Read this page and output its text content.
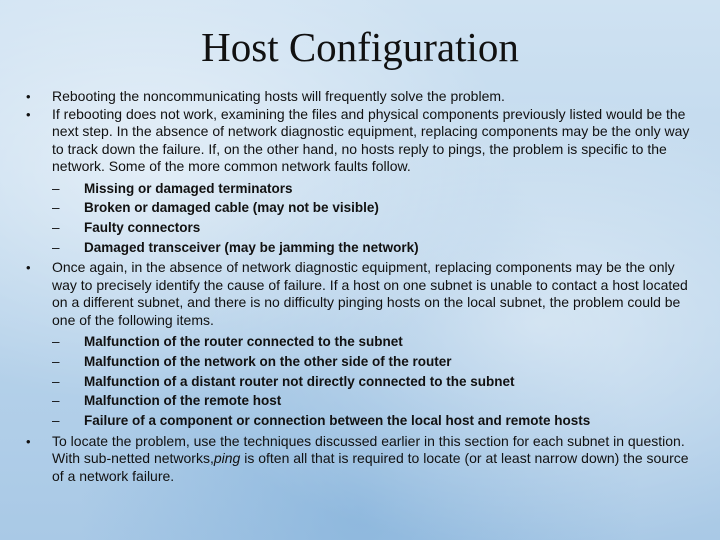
Host Configuration
• Rebooting the noncommunicating hosts will frequently solve the problem.
• If rebooting does not work, examining the files and physical components previously listed would be the next step. In the absence of network diagnostic equipment, replacing components may be the only way to track down the failure. If, on the other hand, no hosts reply to pings, the problem is specific to the network. Some of the more common network faults follow.
– Missing or damaged terminators
– Broken or damaged cable (may not be visible)
– Faulty connectors
– Damaged transceiver (may be jamming the network)
• Once again, in the absence of network diagnostic equipment, replacing components may be the only way to precisely identify the cause of failure. If a host on one subnet is unable to contact a host located on a different subnet, and there is no difficulty pinging hosts on the local subnet, the problem could be one of the following items.
– Malfunction of the router connected to the subnet
– Malfunction of the network on the other side of the router
– Malfunction of a distant router not directly connected to the subnet
– Malfunction of the remote host
– Failure of a component or connection between the local host and remote hosts
• To locate the problem, use the techniques discussed earlier in this section for each subnet in question. With sub-netted networks,ping is often all that is required to locate (or at least narrow down) the source of a network failure.
